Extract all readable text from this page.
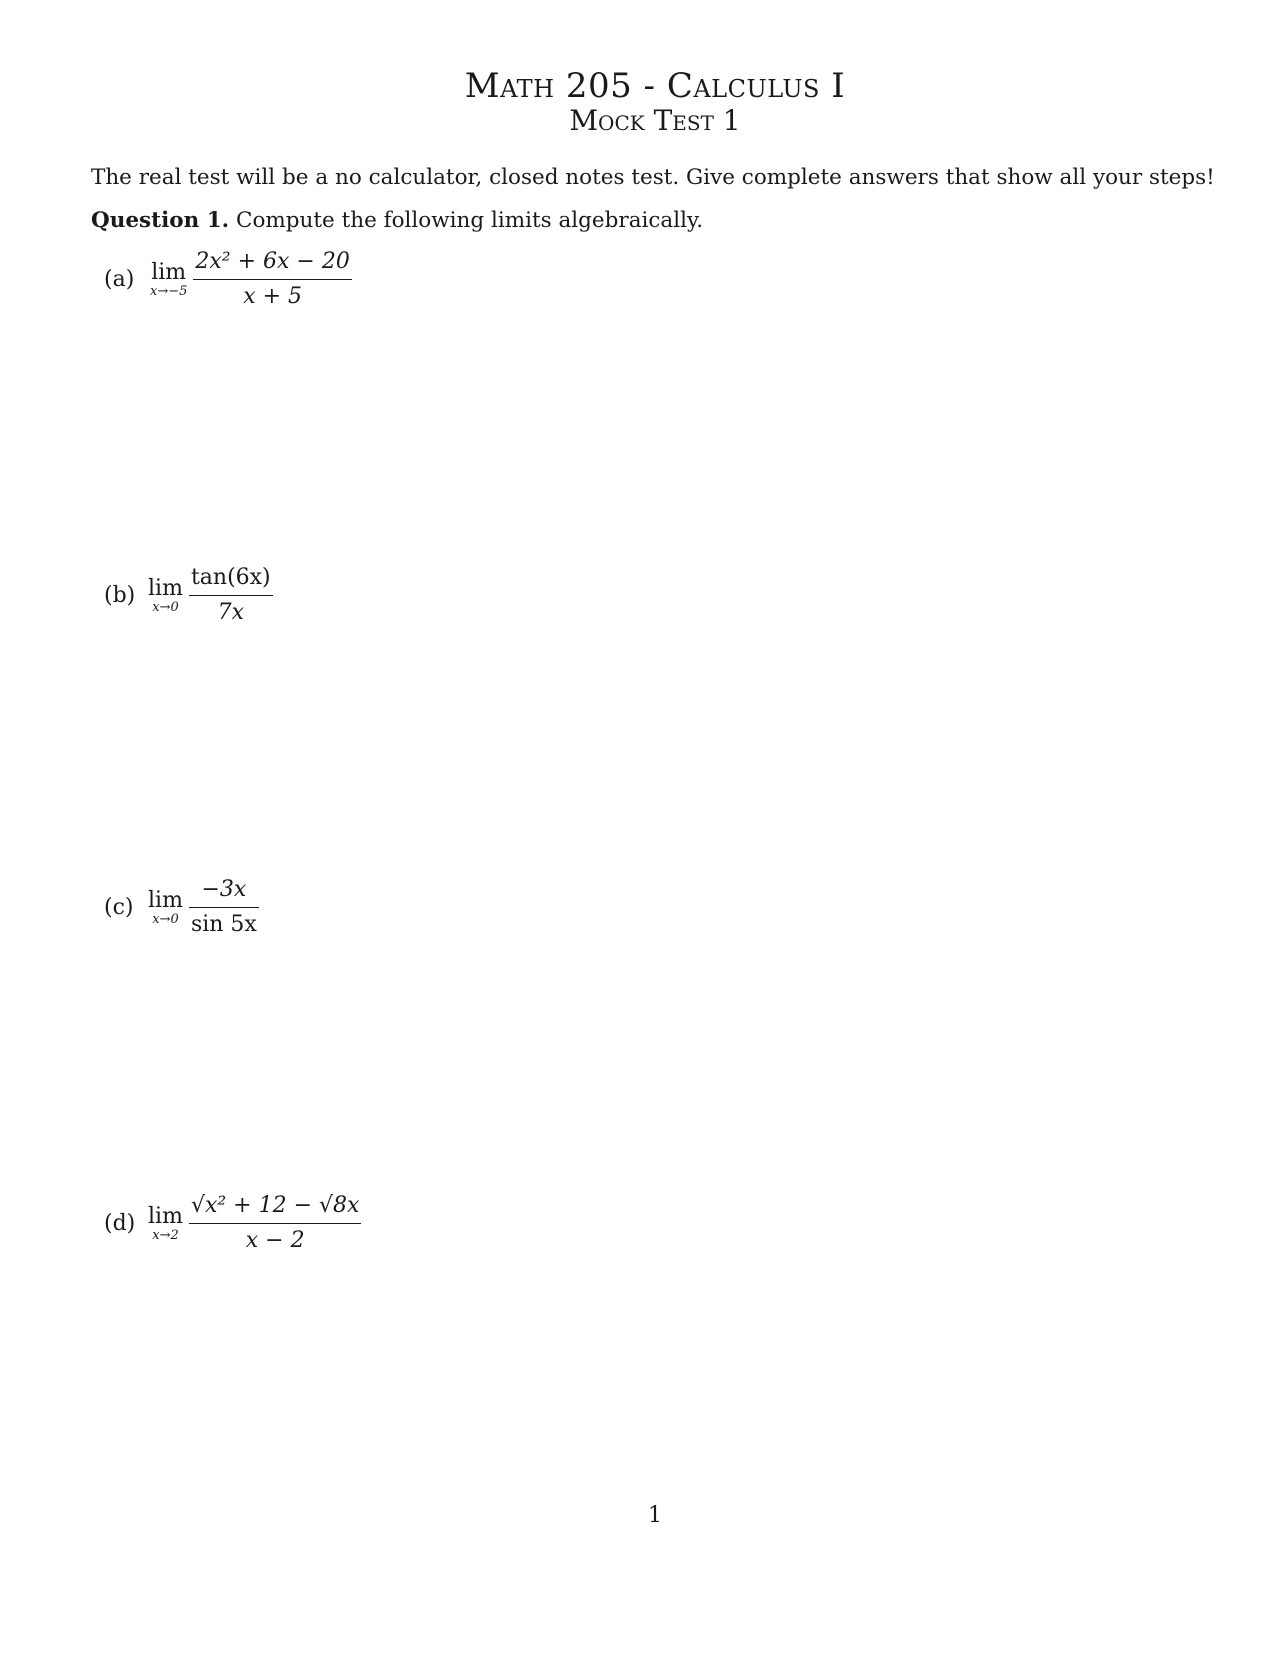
Math 205 - Calculus I
Mock Test 1
The real test will be a no calculator, closed notes test. Give complete answers that show all your steps!
Question 1. Compute the following limits algebraically.
(a) lim
$x\to-5 \frac{\text{2x² + 6x − 20}}{x + 5}$
(b) lim
$x\to 0 \frac{\tan(6x)}{7x}$
(c) lim
$x\to 0 \frac{-3x}{\sin 5x}$
(d) lim
$x\to 2 \frac{\text{√x² + 12 − √8x}}{x - 2}$
1
